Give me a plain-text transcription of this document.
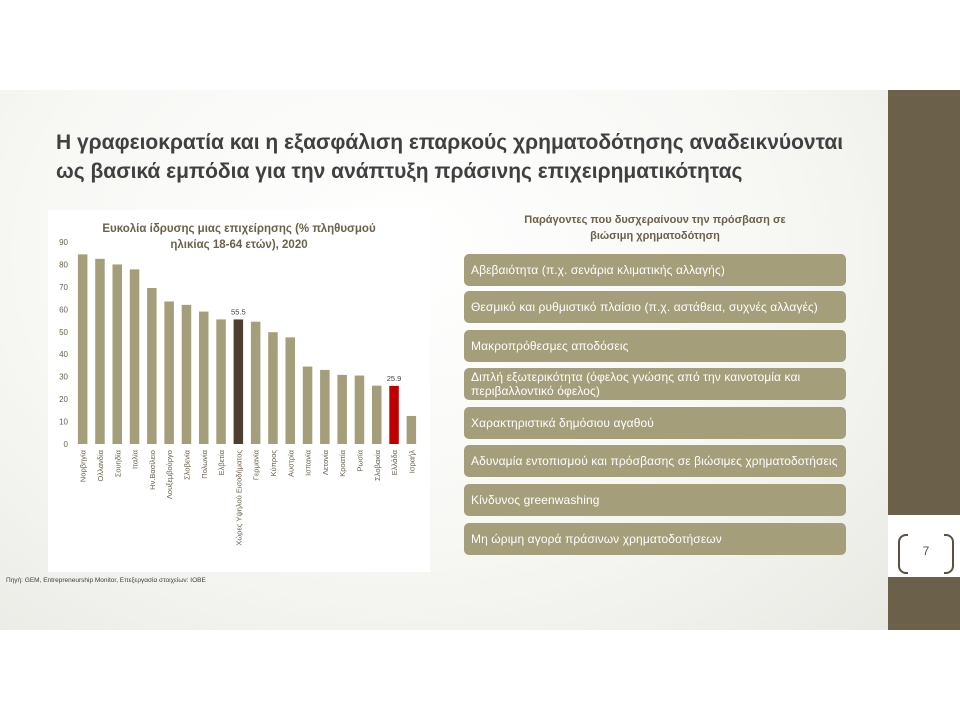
7
Η γραφειοκρατία και η εξασφάλιση επαρκούς χρηματοδότησης αναδεικνύονται
ως βασικά εμπόδια για την ανάπτυξη πράσινης επιχειρηματικότητας
Ευκολία ίδρυσης μιας επιχείρησης (% πληθυσμού
ηλικίας 18-64 ετών), 2020
0
10
20
30
40
50
60
70
80
90
55.5
25.9
Νορβηγία Ολλανδία Σουηδία Ιταλία Ην.Βασίλειο Λουξεμβούργο Σλοβενία Πολωνία Ελβετία Χώρες Υψηλού Εισοδήματος Γερμανία Κύπρος Αυστρία Ισπανία Λετονία Κροατία Ρωσία Σλοβακία Ελλάδα Ισραήλ
Πηγή: GEM, Entrepreneurship Monitor, Επεξεργασία στοιχείων: ΙΟΒΕ
Παράγοντες που δυσχεραίνουν την πρόσβαση σε
βιώσιμη χρηματοδότηση
Αβεβαιότητα (π.χ. σενάρια κλιματικής αλλαγής)
Θεσμικό και ρυθμιστικό πλαίσιο (π.χ. αστάθεια, συχνές αλλαγές)
Μακροπρόθεσμες αποδόσεις
Διπλή εξωτερικότητα (όφελος γνώσης από την καινοτομία και περιβαλλοντικό όφελος)
Χαρακτηριστικά δημόσιου αγαθού
Αδυναμία εντοπισμού και πρόσβασης σε βιώσιμες χρηματοδοτήσεις
Κίνδυνος greenwashing
Μη ώριμη αγορά πράσινων χρηματοδοτήσεων
